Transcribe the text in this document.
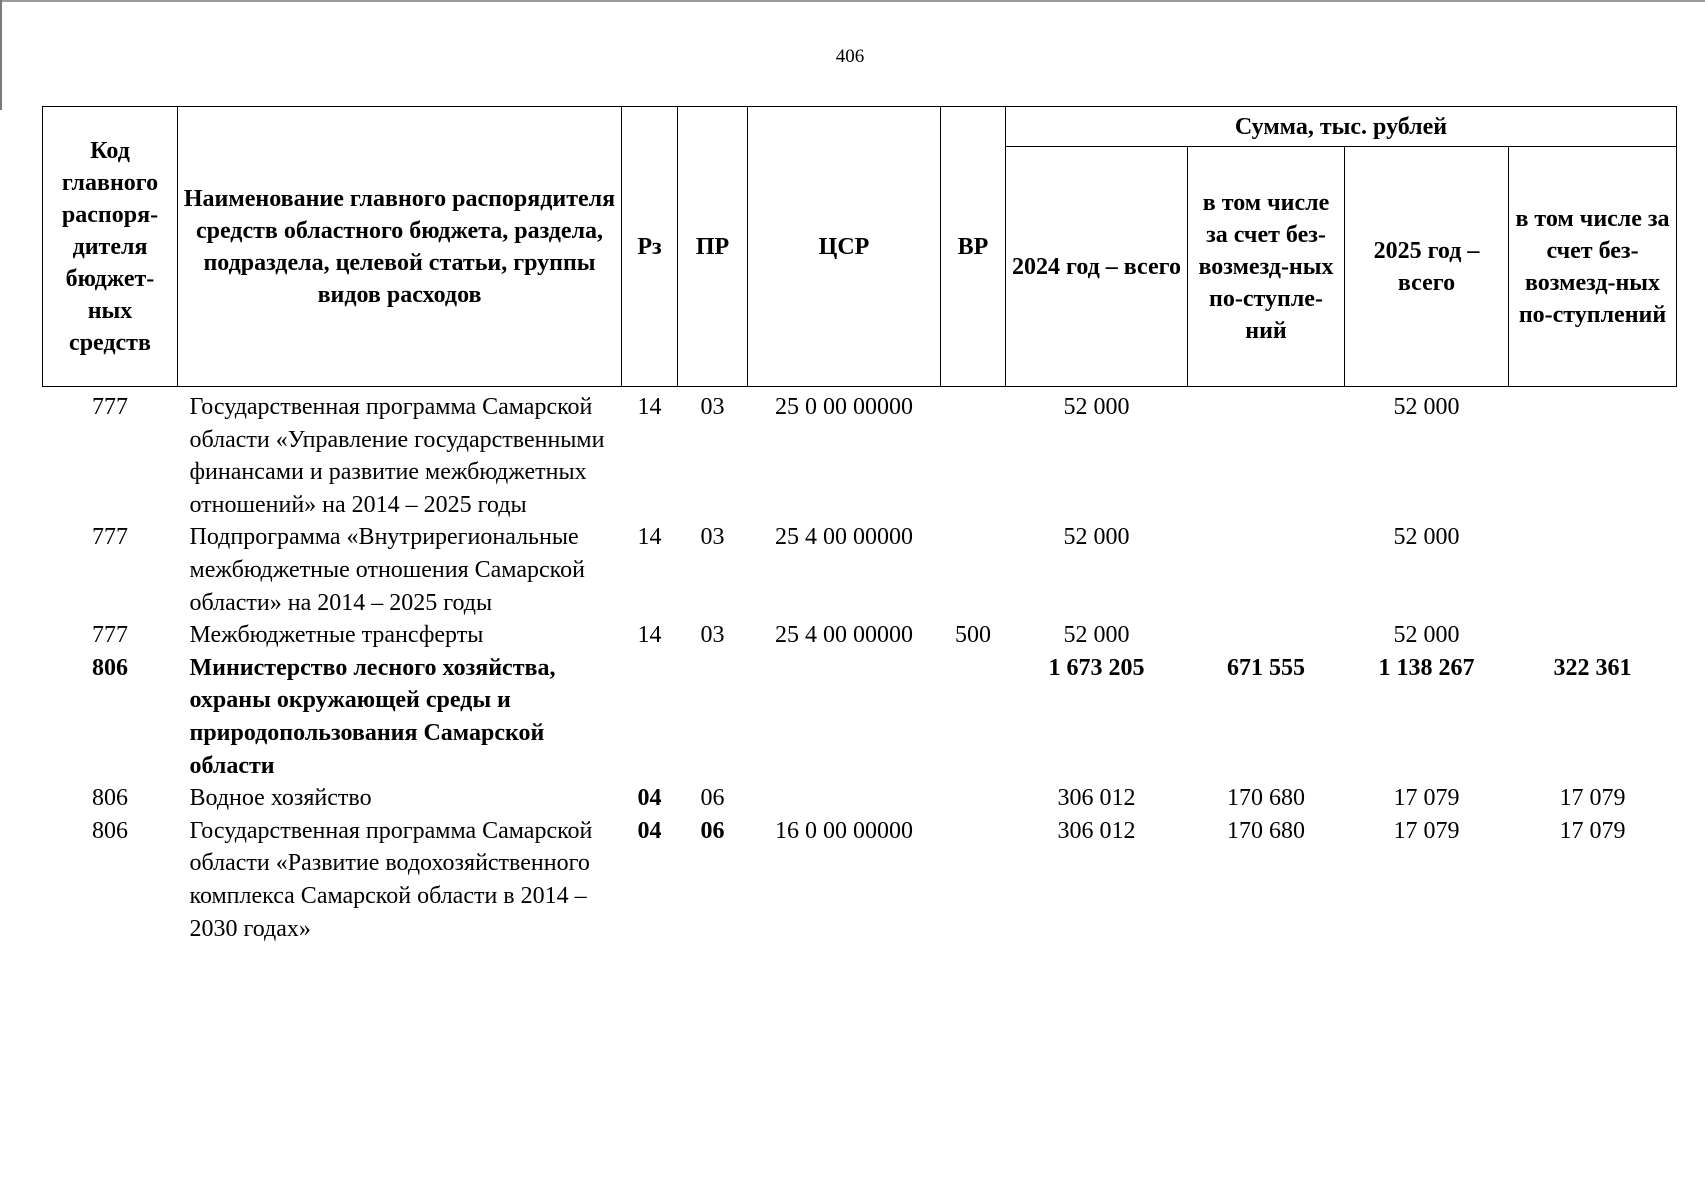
406
Код главного распоря-дителя бюджет-ных средств	Наименование главного распорядителя средств областного бюджета, раздела, подраздела, целевой статьи, группы видов расходов	Рз	ПР	ЦСР	ВР	Сумма, тыс. рублей			
						2024 год – всего	в том числе за счет без-возмезд-ных по-ступле-ний	2025 год – всего	в том числе за счет без-возмезд-ных по-ступлений
777	Государственная программа Самарской области «Управление государственными финансами и развитие межбюджетных отношений» на 2014 – 2025 годы	14	03	25 0 00 00000		52 000		52 000	
777	Подпрограмма «Внутрирегиональные межбюджетные отношения Самарской области» на 2014 – 2025 годы	14	03	25 4 00 00000		52 000		52 000	
777	Межбюджетные трансферты	14	03	25 4 00 00000	500	52 000		52 000	
806	Министерство лесного хозяйства, охраны окружающей среды и природопользования Самарской области					1 673 205	671 555	1 138 267	322 361
806	Водное хозяйство	04	06			306 012	170 680	17 079	17 079
806	Государственная программа Самарской области «Развитие водохозяйственного комплекса Самарской области в 2014 – 2030 годах»	04	06	16 0 00 00000		306 012	170 680	17 079	17 079
